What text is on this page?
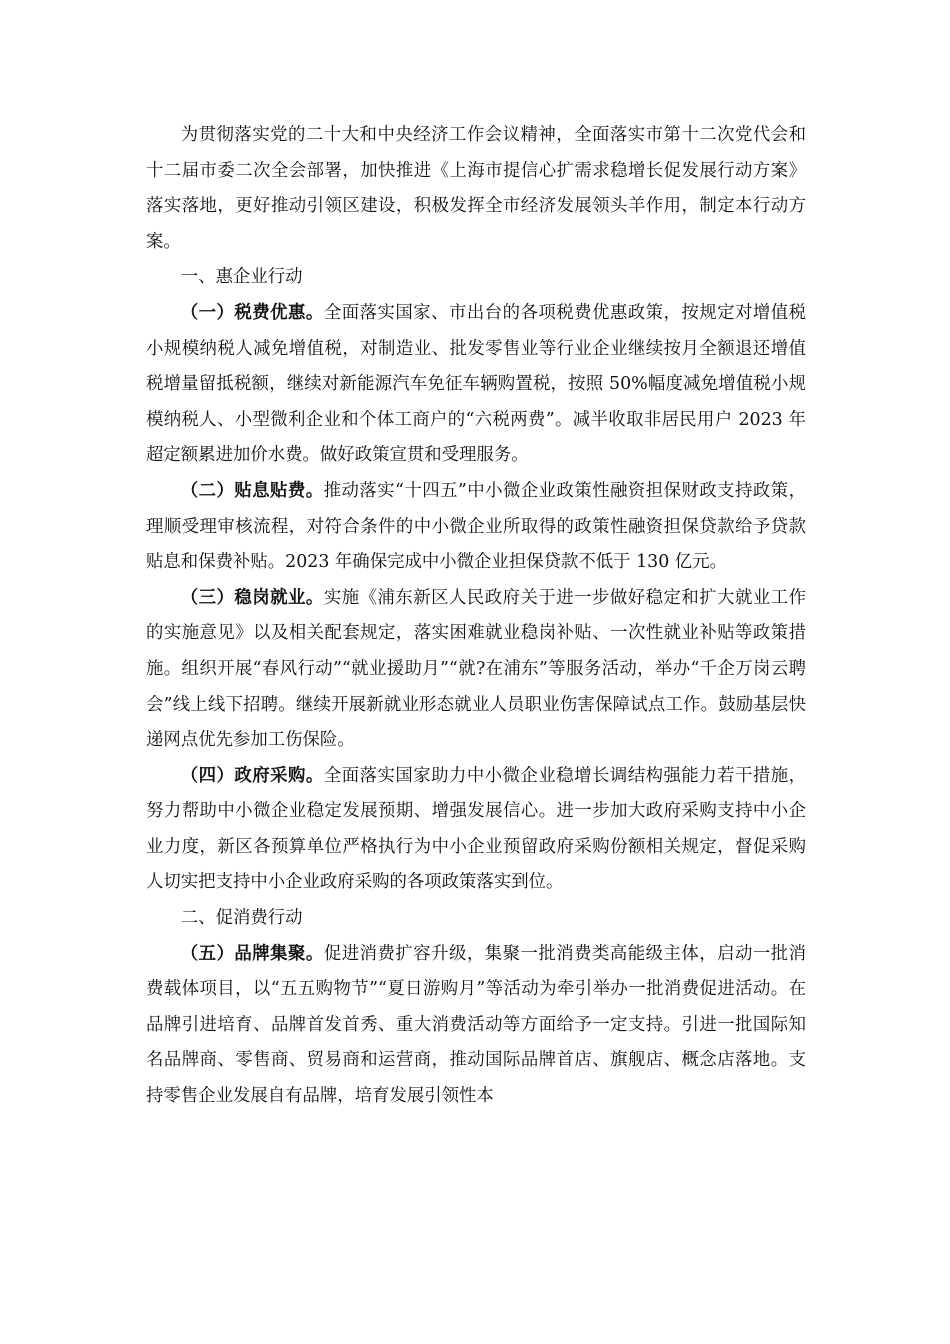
为贯彻落实党的二十大和中央经济工作会议精神，全面落实市第十二次党代会和十二届市委二次全会部署，加快推进《上海市提信心扩需求稳增长促发展行动方案》落实落地，更好推动引领区建设，积极发挥全市经济发展领头羊作用，制定本行动方案。

一、惠企业行动

（一）税费优惠。全面落实国家、市出台的各项税费优惠政策，按规定对增值税小规模纳税人减免增值税，对制造业、批发零售业等行业企业继续按月全额退还增值税增量留抵税额，继续对新能源汽车免征车辆购置税，按照 50%幅度减免增值税小规模纳税人、小型微利企业和个体工商户的“六税两费”。减半收取非居民用户 2023 年超定额累进加价水费。做好政策宣贯和受理服务。

（二）贴息贴费。推动落实“十四五”中小微企业政策性融资担保财政支持政策，理顺受理审核流程，对符合条件的中小微企业所取得的政策性融资担保贷款给予贷款贴息和保费补贴。2023 年确保完成中小微企业担保贷款不低于 130 亿元。

（三）稳岗就业。实施《浦东新区人民政府关于进一步做好稳定和扩大就业工作的实施意见》以及相关配套规定，落实困难就业稳岗补贴、一次性就业补贴等政策措施。组织开展“春风行动”“就业援助月”“就?在浦东”等服务活动，举办“千企万岗云聘会”线上线下招聘。继续开展新就业形态就业人员职业伤害保障试点工作。鼓励基层快递网点优先参加工伤保险。

（四）政府采购。全面落实国家助力中小微企业稳增长调结构强能力若干措施，努力帮助中小微企业稳定发展预期、增强发展信心。进一步加大政府采购支持中小企业力度，新区各预算单位严格执行为中小企业预留政府采购份额相关规定，督促采购人切实把支持中小企业政府采购的各项政策落实到位。

二、促消费行动

（五）品牌集聚。促进消费扩容升级，集聚一批消费类高能级主体，启动一批消费载体项目，以“五五购物节”“夏日游购月”等活动为牵引举办一批消费促进活动。在品牌引进培育、品牌首发首秀、重大消费活动等方面给予一定支持。引进一批国际知名品牌商、零售商、贸易商和运营商，推动国际品牌首店、旗舰店、概念店落地。支持零售企业发展自有品牌，培育发展引领性本
